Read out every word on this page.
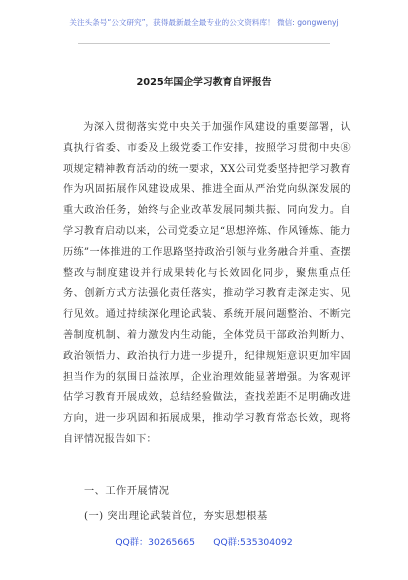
关注头条号“公文研究”，获得最新最全最专业的公文资料库！ 微信: gongwenyj
2025年国企学习教育自评报告

为深入贯彻落实党中央关于加强作风建设的重要部署，认真执行省委、市委及上级党委工作安排，按照学习贯彻中央⑧项规定精神教育活动的统一要求，XX公司党委坚持把学习教育作为巩固拓展作风建设成果、推进全面从严治党向纵深发展的重大政治任务，始终与企业改革发展同频共振、同向发力。自学习教育启动以来，公司党委立足“思想淬炼、作风锤炼、能力历练”一体推进的工作思路坚持政治引领与业务融合并重、查摆整改与制度建设并行成果转化与长效固化同步，聚焦重点任务、创新方式方法强化责任落实，推动学习教育走深走实、见行见效。通过持续深化理论武装、系统开展问题整治、不断完善制度机制、着力激发内生动能，全体党员干部政治判断力、政治领悟力、政治执行力进一步提升，纪律规矩意识更加牢固担当作为的氛围日益浓厚，企业治理效能显著增强。为客观评估学习教育开展成效，总结经验做法，查找差距不足明确改进方向，进一步巩固和拓展成果，推动学习教育常态长效，现将自评情况报告如下：

一、工作开展情况
(一) 突出理论武装首位，夯实思想根基
QQ群：30265665　　QQ群:535304092
